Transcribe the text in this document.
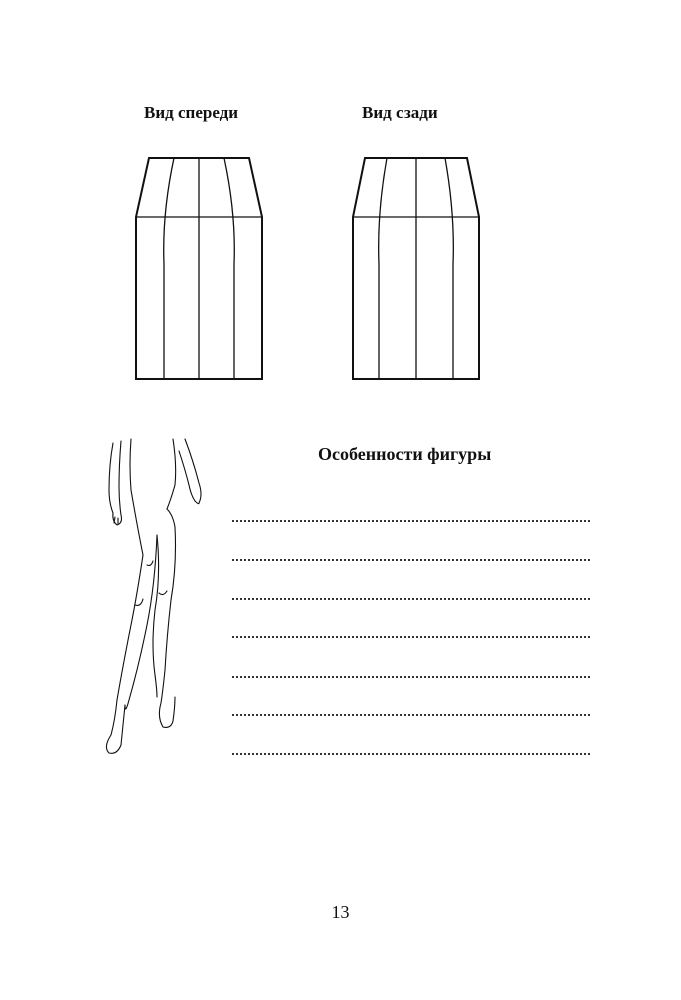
Вид спереди	Вид сзади
Особенности фигуры
13
